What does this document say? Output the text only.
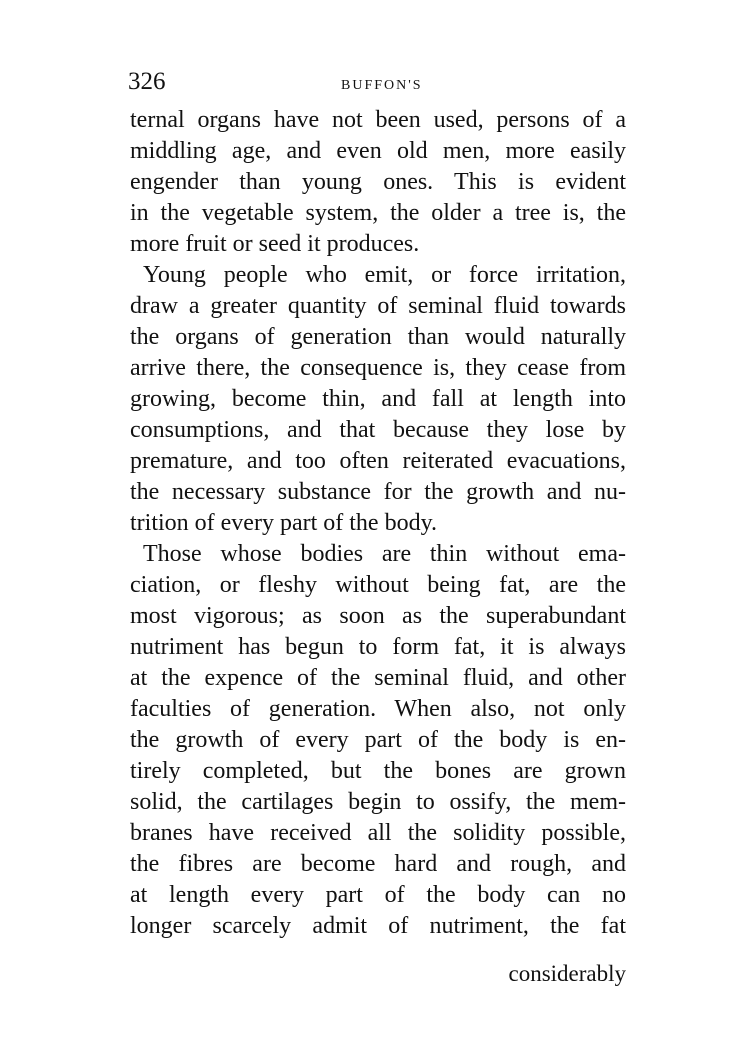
326	BUFFON'S
ternal organs have not been used, persons of a
middling age, and even old men, more easily
engender than young ones. This is evident
in the vegetable system, the older a tree is, the
more fruit or seed it produces.
Young people who emit, or force irritation,
draw a greater quantity of seminal fluid towards
the organs of generation than would naturally
arrive there, the consequence is, they cease from
growing, become thin, and fall at length into
consumptions, and that because they lose by
premature, and too often reiterated evacuations,
the necessary substance for the growth and nu-
trition of every part of the body.
Those whose bodies are thin without ema-
ciation, or fleshy without being fat, are the
most vigorous; as soon as the superabundant
nutriment has begun to form fat, it is always
at the expence of the seminal fluid, and other
faculties of generation. When also, not only
the growth of every part of the body is en-
tirely completed, but the bones are grown
solid, the cartilages begin to ossify, the mem-
branes have received all the solidity possible,
the fibres are become hard and rough, and
at length every part of the body can no
longer scarcely admit of nutriment, the fat
considerably
